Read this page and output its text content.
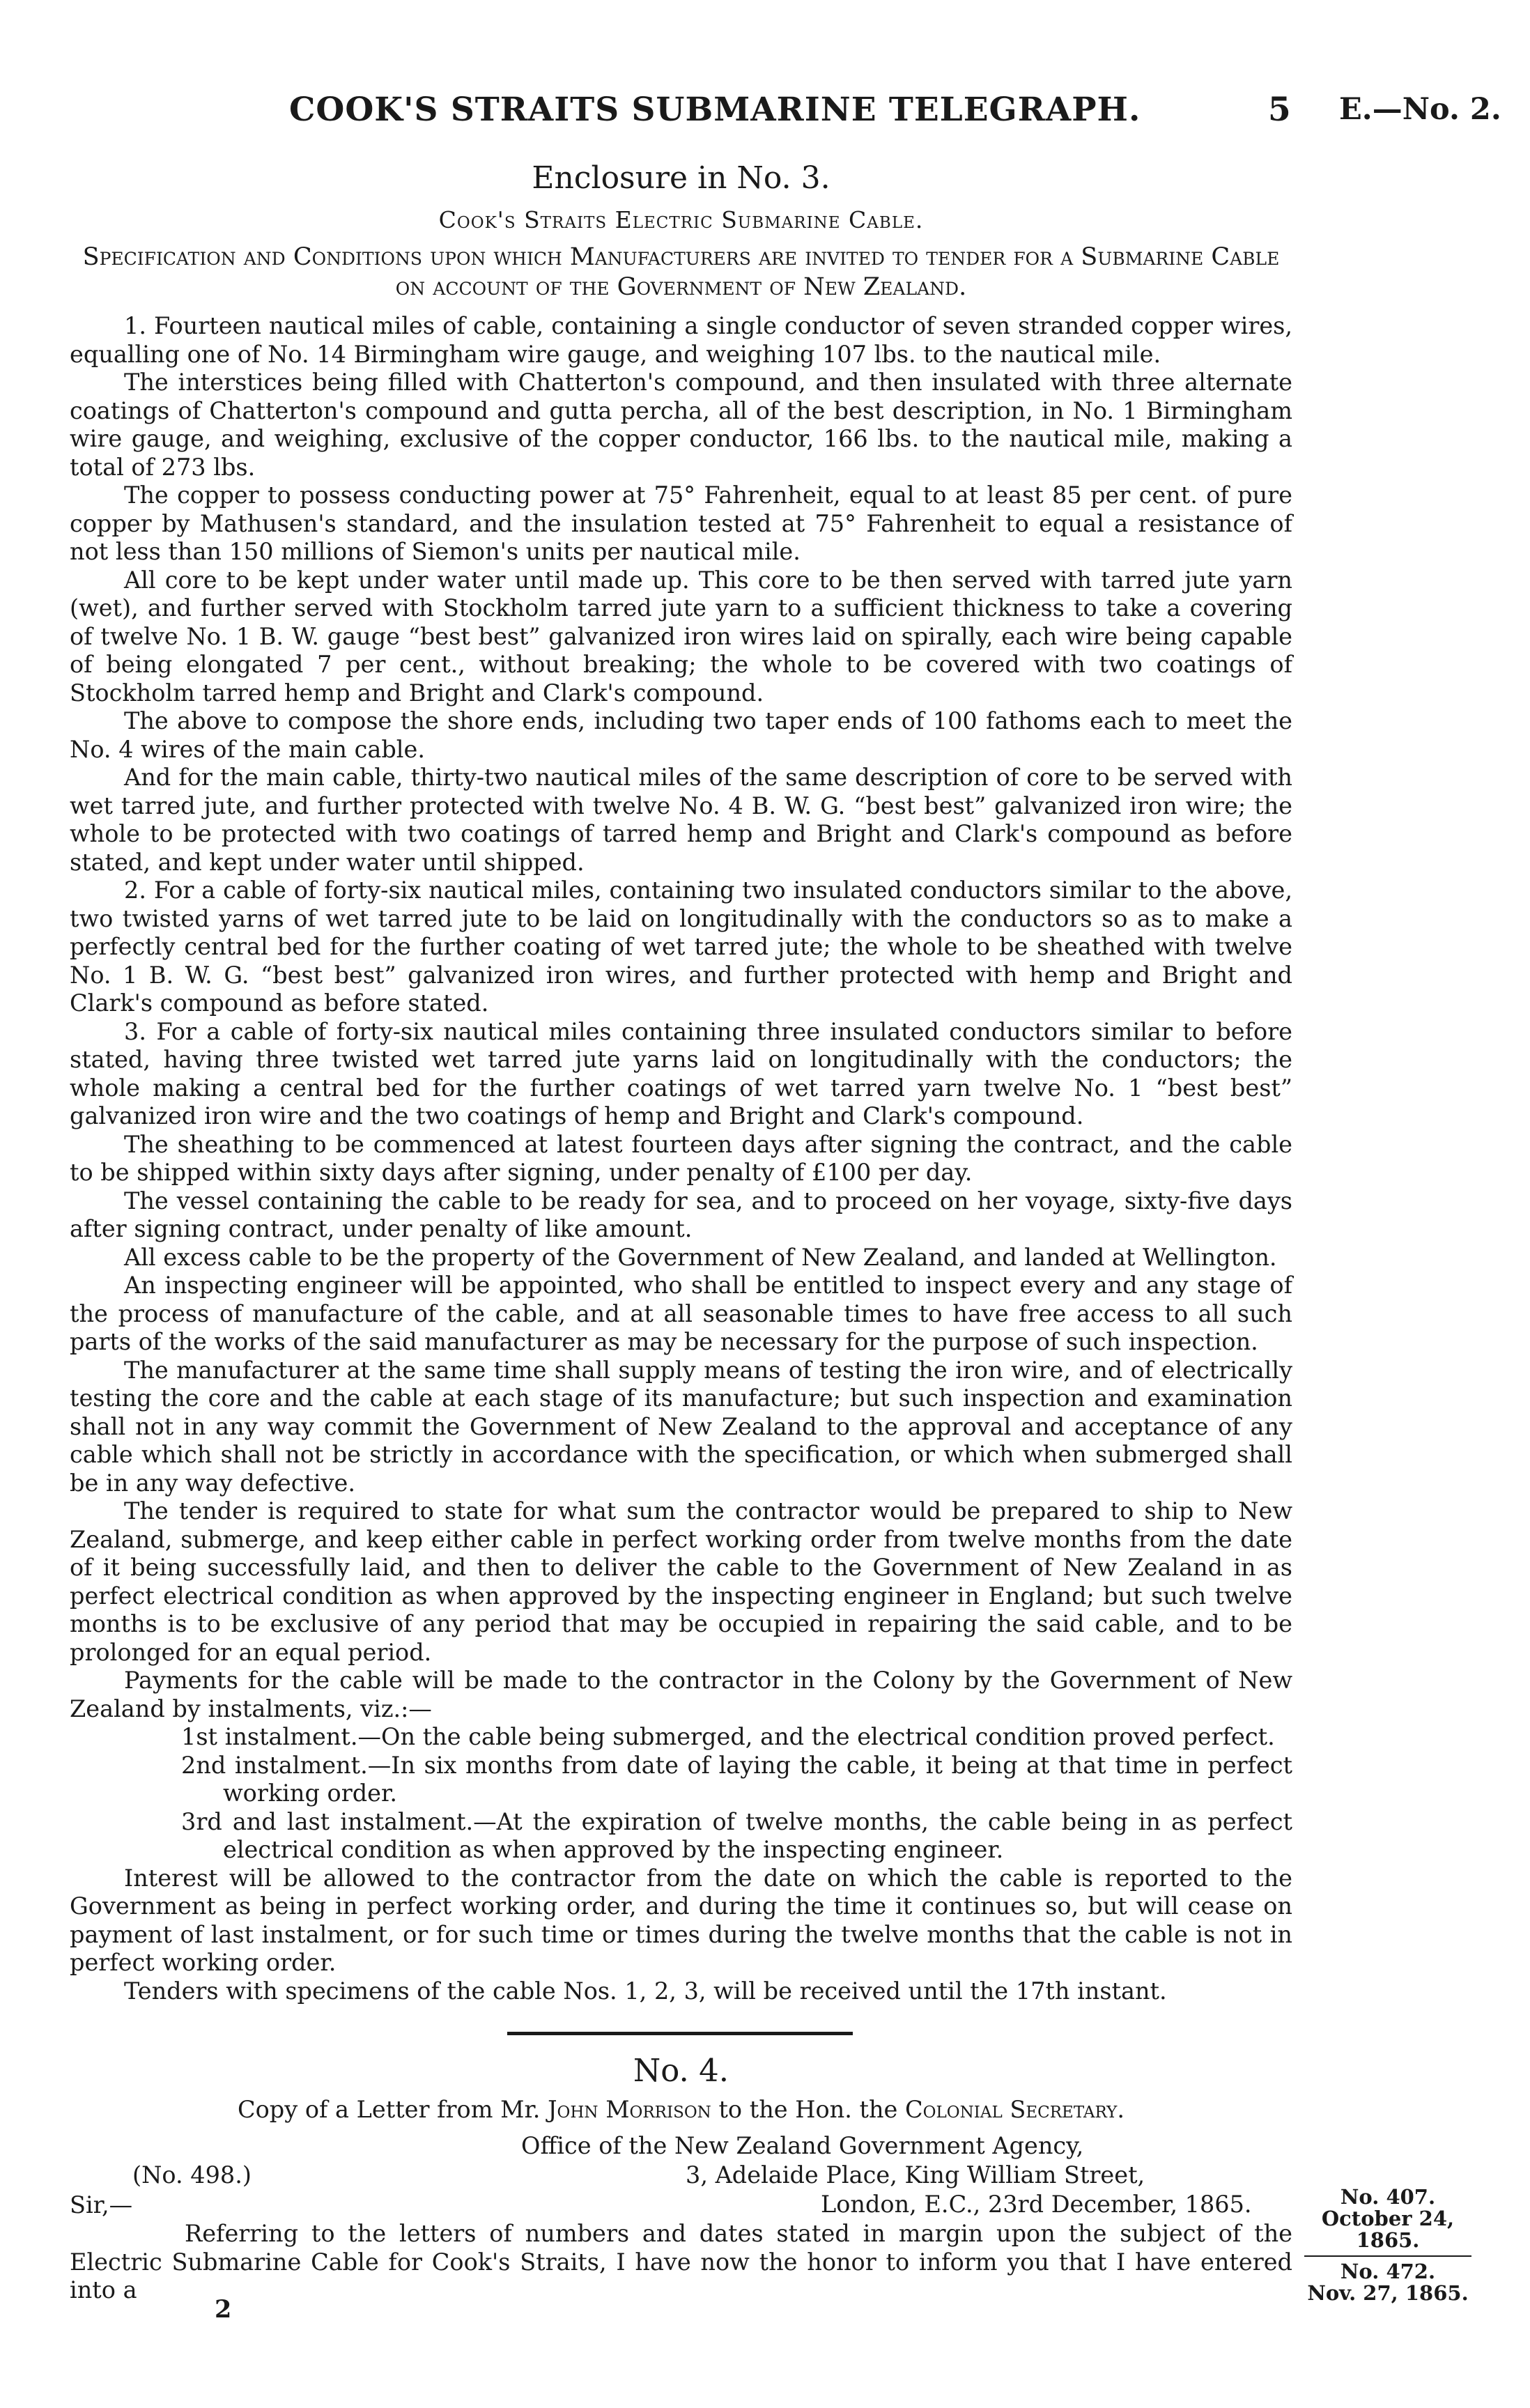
COOK'S STRAITS SUBMARINE TELEGRAPH.	5 E.—No. 2.
Enclosure in No. 3.
Cook's Straits Electric Submarine Cable.
Specification and Conditions upon which Manufacturers are invited to tender for a Submarine Cable on account of the Government of New Zealand.

1. Fourteen nautical miles of cable, containing a single conductor of seven stranded copper wires, equalling one of No. 14 Birmingham wire gauge, and weighing 107 lbs. to the nautical mile.

The interstices being filled with Chatterton's compound, and then insulated with three alternate coatings of Chatterton's compound and gutta percha, all of the best description, in No. 1 Birmingham wire gauge, and weighing, exclusive of the copper conductor, 166 lbs. to the nautical mile, making a total of 273 lbs.

The copper to possess conducting power at 75° Fahrenheit, equal to at least 85 per cent. of pure copper by Mathusen's standard, and the insulation tested at 75° Fahrenheit to equal a resistance of not less than 150 millions of Siemon's units per nautical mile.

All core to be kept under water until made up. This core to be then served with tarred jute yarn (wet), and further served with Stockholm tarred jute yarn to a sufficient thickness to take a covering of twelve No. 1 B. W. gauge “best best” galvanized iron wires laid on spirally, each wire being capable of being elongated 7 per cent., without breaking; the whole to be covered with two coatings of Stockholm tarred hemp and Bright and Clark's compound.

The above to compose the shore ends, including two taper ends of 100 fathoms each to meet the No. 4 wires of the main cable.

And for the main cable, thirty-two nautical miles of the same description of core to be served with wet tarred jute, and further protected with twelve No. 4 B. W. G. “best best” galvanized iron wire; the whole to be protected with two coatings of tarred hemp and Bright and Clark's compound as before stated, and kept under water until shipped.

2. For a cable of forty-six nautical miles, containing two insulated conductors similar to the above, two twisted yarns of wet tarred jute to be laid on longitudinally with the conductors so as to make a perfectly central bed for the further coating of wet tarred jute; the whole to be sheathed with twelve No. 1 B. W. G. “best best” galvanized iron wires, and further protected with hemp and Bright and Clark's compound as before stated.

3. For a cable of forty-six nautical miles containing three insulated conductors similar to before stated, having three twisted wet tarred jute yarns laid on longitudinally with the conductors; the whole making a central bed for the further coatings of wet tarred yarn twelve No. 1 “best best” galvanized iron wire and the two coatings of hemp and Bright and Clark's compound.

The sheathing to be commenced at latest fourteen days after signing the contract, and the cable to be shipped within sixty days after signing, under penalty of £100 per day.

The vessel containing the cable to be ready for sea, and to proceed on her voyage, sixty-five days after signing contract, under penalty of like amount.

All excess cable to be the property of the Government of New Zealand, and landed at Wellington.

An inspecting engineer will be appointed, who shall be entitled to inspect every and any stage of the process of manufacture of the cable, and at all seasonable times to have free access to all such parts of the works of the said manufacturer as may be necessary for the purpose of such inspection.

The manufacturer at the same time shall supply means of testing the iron wire, and of electrically testing the core and the cable at each stage of its manufacture; but such inspection and examination shall not in any way commit the Government of New Zealand to the approval and acceptance of any cable which shall not be strictly in accordance with the specification, or which when submerged shall be in any way defective.

The tender is required to state for what sum the contractor would be prepared to ship to New Zealand, submerge, and keep either cable in perfect working order from twelve months from the date of it being successfully laid, and then to deliver the cable to the Government of New Zealand in as perfect electrical condition as when approved by the inspecting engineer in England; but such twelve months is to be exclusive of any period that may be occupied in repairing the said cable, and to be prolonged for an equal period.

Payments for the cable will be made to the contractor in the Colony by the Government of New Zealand by instalments, viz.:—

1st instalment.—On the cable being submerged, and the electrical condition proved perfect.

2nd instalment.—In six months from date of laying the cable, it being at that time in perfect working order.

3rd and last instalment.—At the expiration of twelve months, the cable being in as perfect electrical condition as when approved by the inspecting engineer.

Interest will be allowed to the contractor from the date on which the cable is reported to the Government as being in perfect working order, and during the time it continues so, but will cease on payment of last instalment, or for such time or times during the twelve months that the cable is not in perfect working order.

Tenders with specimens of the cable Nos. 1, 2, 3, will be received until the 17th instant.

No. 4.
Copy of a Letter from Mr. John Morrison to the Hon. the Colonial Secretary.
Office of the New Zealand Government Agency,
(No. 498.)	3, Adelaide Place, King William Street,
Sir,—	London, E.C., 23rd December, 1865.

Referring to the letters of numbers and dates stated in margin upon the subject of the Electric Submarine Cable for Cook's Straits, I have now the honor to inform you that I have entered into a

No. 407.
October 24, 1865.
No. 472.
Nov. 27, 1865.
2
